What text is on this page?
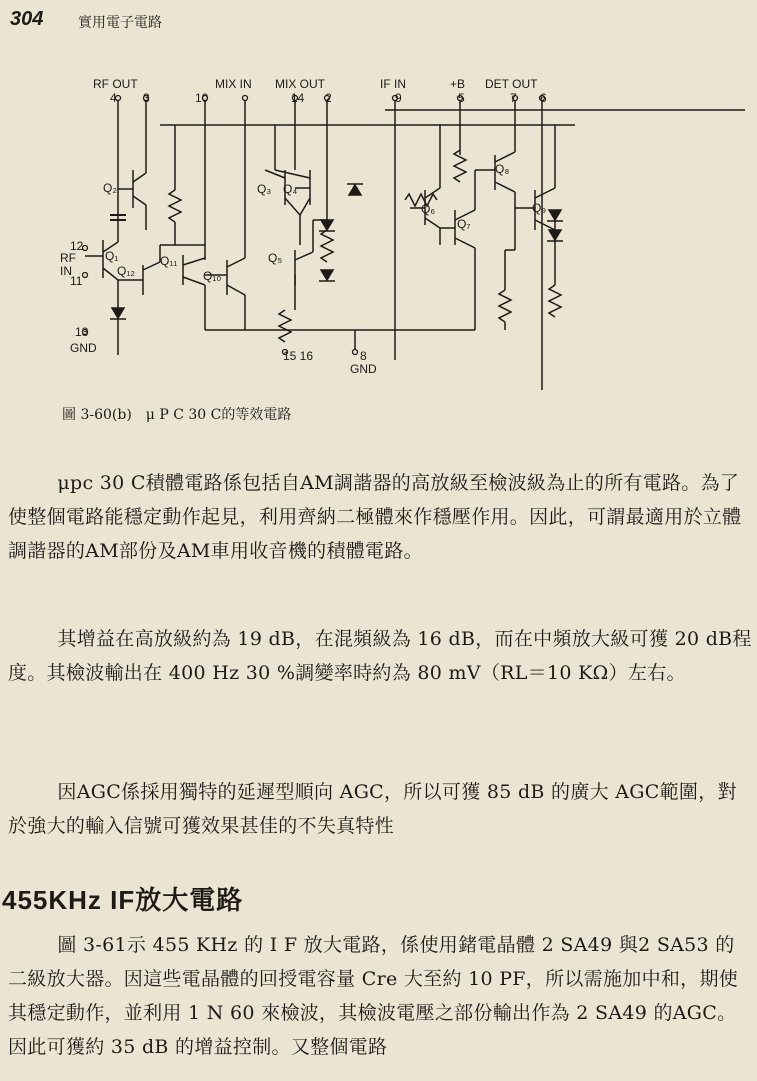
304 實用電子電路
RF OUT
4 3	10
MIX IN MIX OUT
14 2
IF IN
9
+B
5
DET OUT
7 6
12
RF
IN
11
13
GND
15 16	8
GND
Q₂
Q₁
Q₁₂
Q₁₁
Q₁₀
Q₃ Q₄
Q₅
Q₆
Q₇
Q₈
Q₉
圖 3-60(b)　μ P C 30 C的等效電路

μpc 30 C積體電路係包括自AM調諧器的高放級至檢波級為止的所有電路。為了使整個電路能穩定動作起見，利用齊納二極體來作穩壓作用。因此，可謂最適用於立體調諧器的AM部份及AM車用收音機的積體電路。

其增益在高放級約為 19 dB，在混頻級為 16 dB，而在中頻放大級可獲 20 dB程度。其檢波輸出在 400 Hz 30 %調變率時約為 80 mV（RL＝10 KΩ）左右。

因AGC係採用獨特的延遲型順向 AGC，所以可獲 85 dB 的廣大 AGC範圍，對於強大的輸入信號可獲效果甚佳的不失真特性

455KHz IF放大電路

圖 3-61示 455 KHz 的 I F 放大電路，係使用鍺電晶體 2 SA49 與2 SA53 的二級放大器。因這些電晶體的回授電容量 Cre 大至約 10 PF，所以需施加中和，期使其穩定動作，並利用 1 N 60 來檢波，其檢波電壓之部份輸出作為 2 SA49 的AGC。因此可獲約 35 dB 的增益控制。又整個電路
